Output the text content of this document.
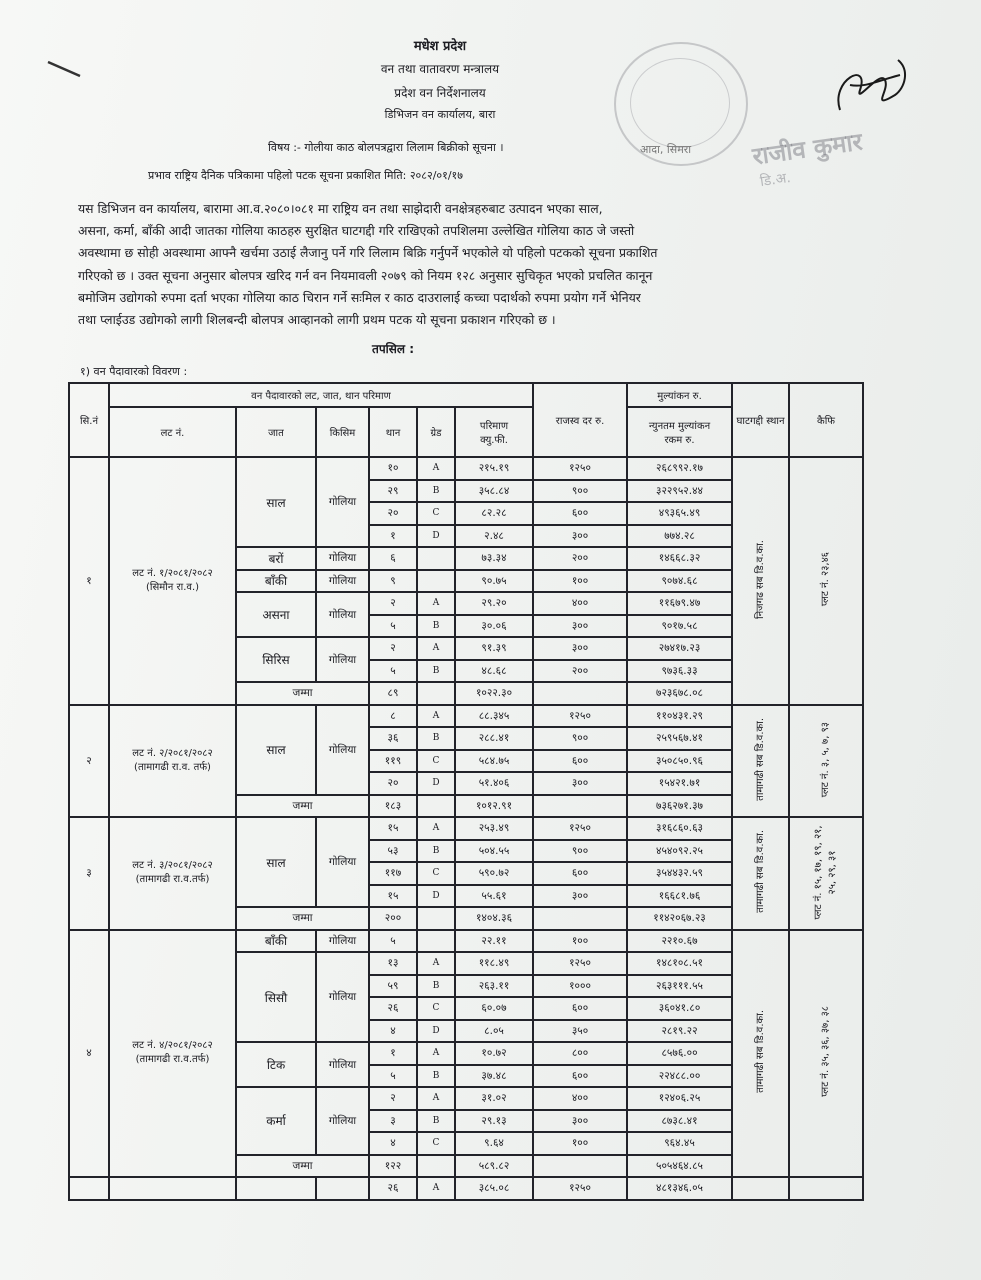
मधेश प्रदेश
वन तथा वातावरण मन्त्रालय
प्रदेश वन निर्देशनालय
डिभिजन वन कार्यालय, बारा
आदा, सिमरा राजीव कुमार
डि.अ.
विषय :- गोलीया काठ बोलपत्रद्वारा लिलाम बिक्रीको सूचना ।
प्रभाव राष्ट्रिय दैनिक पत्रिकामा पहिलो पटक सूचना प्रकाशित मिति: २०८२/०१/१७
यस डिभिजन वन कार्यालय, बारामा आ.व.२०८०।०८१ मा राष्ट्रिय वन तथा साझेदारी वनक्षेत्रहरुबाट उत्पादन भएका साल,
असना, कर्मा, बाँकी आदी जातका गोलिया काठहरु सुरक्षित घाटगद्दी गरि राखिएको तपशिलमा उल्लेखित गोलिया काठ जे जस्तो
अवस्थामा छ सोही अवस्थामा आफ्नै खर्चमा उठाई लैजानु पर्ने गरि लिलाम बिक्रि गर्नुपर्ने भएकोले यो पहिलो पटकको सूचना प्रकाशित
गरिएको छ । उक्त सूचना अनुसार बोलपत्र खरिद गर्न वन नियमावली २०७९ को नियम १२८ अनुसार सुचिकृत भएको प्रचलित कानून
बमोजिम उद्योगको रुपमा दर्ता भएका गोलिया काठ चिरान गर्ने सःमिल र काठ दाउरालाई कच्चा पदार्थको रुपमा प्रयोग गर्ने भेनियर
तथा प्लाईउड उद्योगको लागी शिलबन्दी बोलपत्र आव्हानको लागी प्रथम पटक यो सूचना प्रकाशन गरिएको छ ।
तपसिल :
१) वन पैदावारको विवरण :
सि.नं	वन पैदावारको लट, जात, थान परिमाण						राजस्व दर रु.	मुल्यांकन रु.	घाटगद्दी स्थान	कैफि
	लट नं.	जात	किसिम	थान	ग्रेड	परिमाण
क्यु.फी.		न्युनतम मुल्यांकन
रकम रु.		
१	लट नं. १/२०८१/२०८२
(सिमौन रा.व.)	साल	गोलिया	१०	A	२१५.१९	१२५०	२६८९९२.१७	निजगढ सब डि.व.का.	प्लट नं. २३,४६
				२९	B	३५८.८४	९००	३२२९५२.४४		
				२०	C	८२.२८	६००	४९३६५.४९		
				१	D	२.४८	३००	७७४.२८		
		बरों	गोलिया	६		७३.३४	२००	१४६६८.३२		
		बाँकी	गोलिया	९		९०.७५	१००	९०७४.६८		
		असना	गोलिया	२	A	२९.२०	४००	११६७९.४७		
				५	B	३०.०६	३००	९०१७.५८		
		सिरिस	गोलिया	२	A	९१.३९	३००	२७४१७.२३		
				५	B	४८.६८	२००	९७३६.३३		
		जम्मा		८९		१०२२.३०		७२३६७८.०८		
२	लट नं. २/२०८१/२०८२
(तामागढी रा.व. तर्फ)	साल	गोलिया	८	A	८८.३४५	१२५०	११०४३१.२९	तामागढी सब डि.व.का.	प्लट नं. ३, ५, ७, ९३
				३६	B	२८८.४१	९००	२५९५६७.४१		
				११९	C	५८४.७५	६००	३५०८५०.९६		
				२०	D	५१.४०६	३००	१५४२१.७१		
		जम्मा		१८३		१०१२.९१		७३६२७१.३७		
३	लट नं. ३/२०८१/२०८२
(तामागढी रा.व.तर्फ)	साल	गोलिया	१५	A	२५३.४९	१२५०	३१६८६०.६३	तामागढी सब डि.व.का.	प्लट नं. १५, १७, १९, २१, २५, २९, ३१
				५३	B	५०४.५५	९००	४५४०९२.२५		
				११७	C	५९०.७२	६००	३५४४३२.५९		
				१५	D	५५.६१	३००	१६६८१.७६		
		जम्मा		२००		१४०४.३६		११४२०६७.२३		
४	लट नं. ४/२०८१/२०८२
(तामागढी रा.व.तर्फ)	बाँकी	गोलिया	५		२२.११	१००	२२१०.६७	तामागढी सब डि.व.का.	प्लट नं. ३५, ३६, ३७, ३८
		सिसौ	गोलिया	१३	A	११८.४९	१२५०	१४८१०८.५१		
				५९	B	२६३.११	१०००	२६३१११.५५		
				२६	C	६०.०७	६००	३६०४१.८०		
				४	D	८.०५	३५०	२८१९.२२		
		टिक	गोलिया	१	A	१०.७२	८००	८५७६.००		
				५	B	३७.४८	६००	२२४८८.००		
		कर्मा	गोलिया	२	A	३१.०२	४००	१२४०६.२५		
				३	B	२९.१३	३००	८७३८.४१		
				४	C	९.६४	१००	९६४.४५		
		जम्मा		१२२		५८९.८२		५०५४६४.८५		
				२६	A	३८५.०८	१२५०	४८१३४६.०५		
